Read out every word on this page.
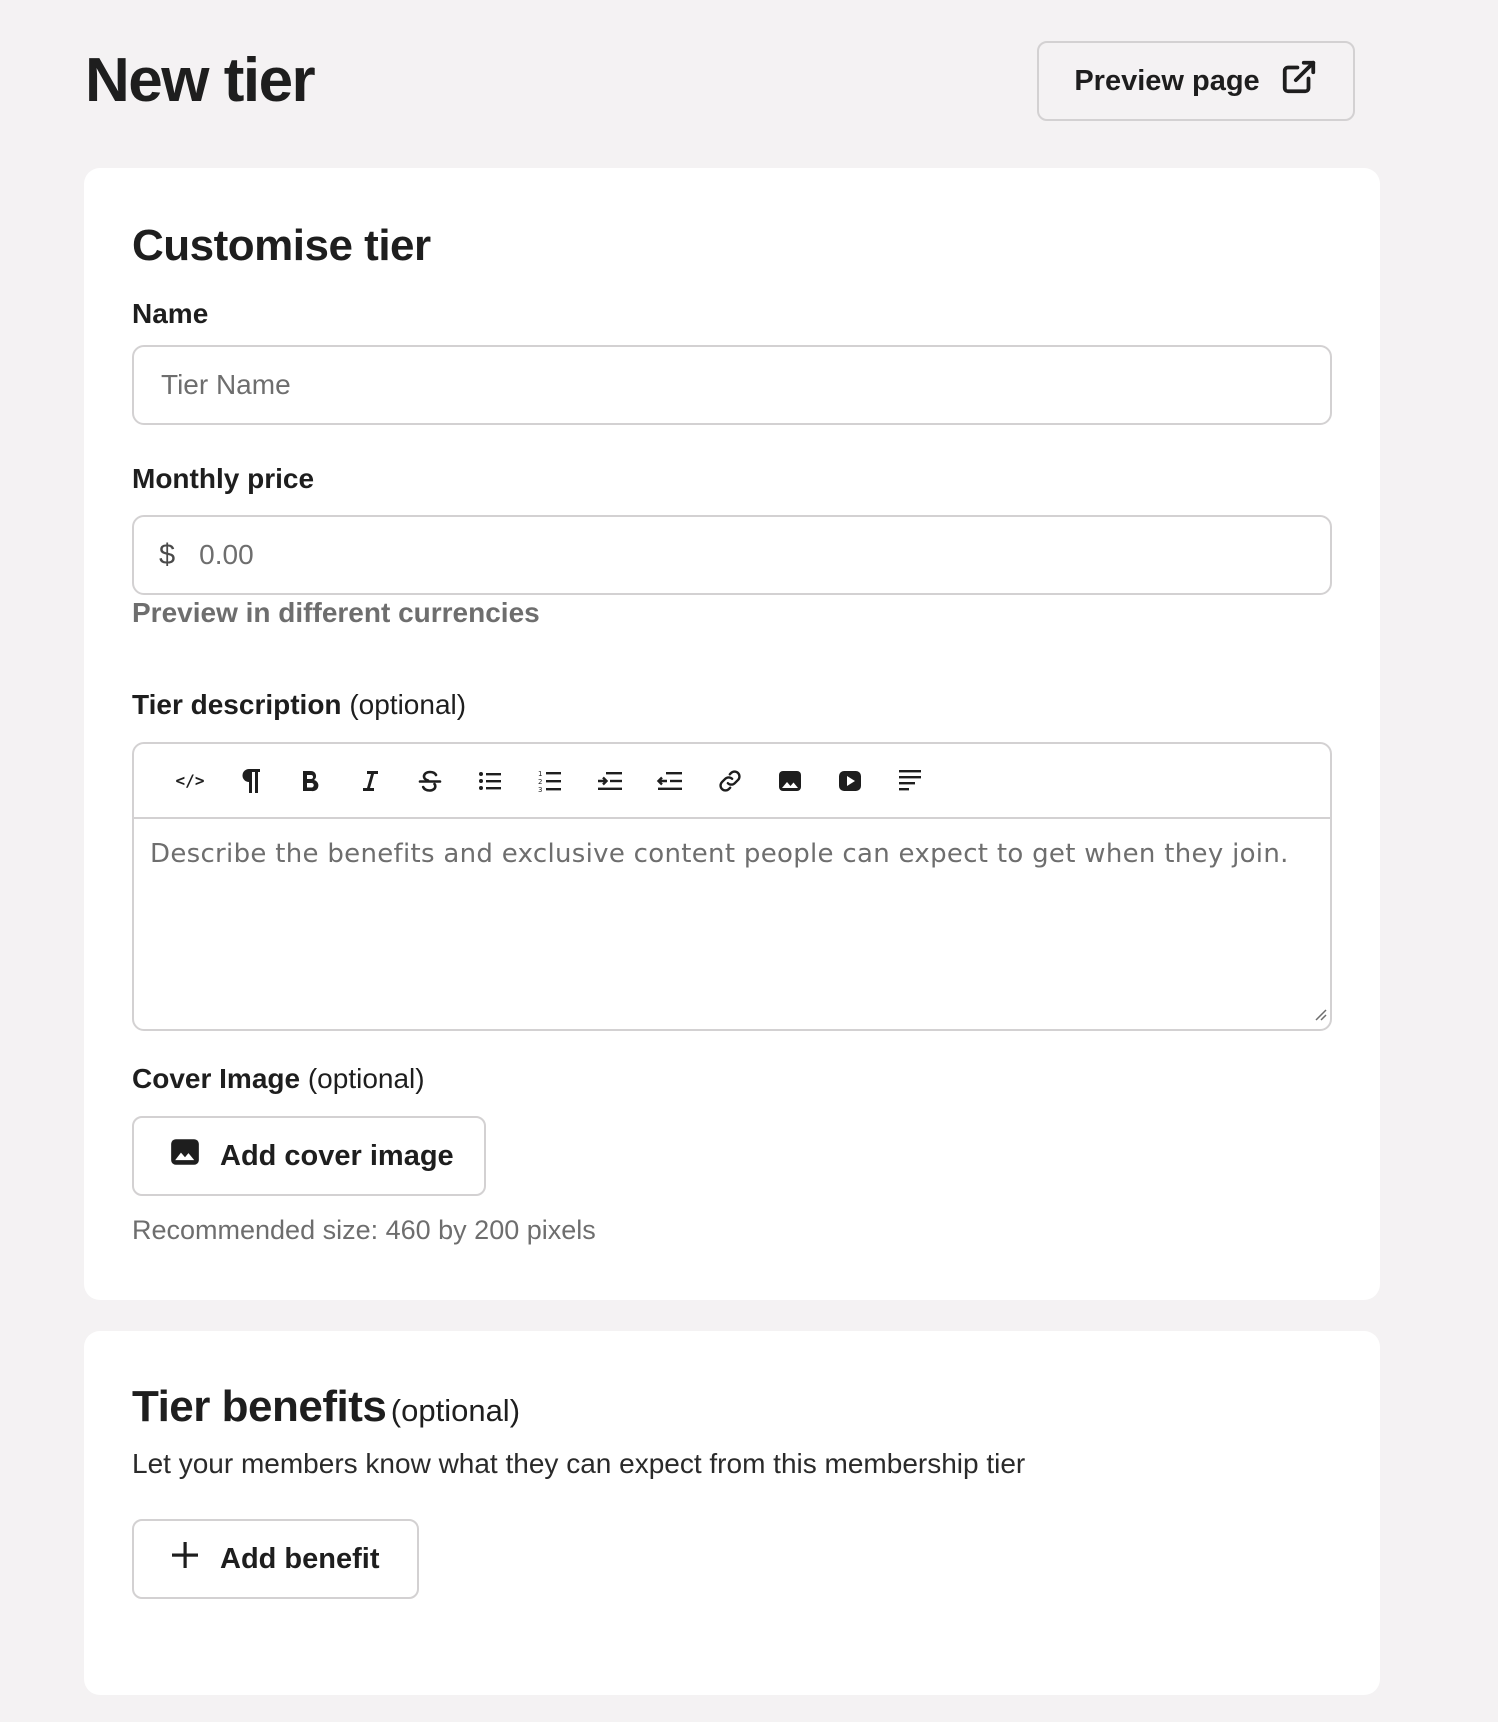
New tier	Preview page
Customise tier
Name
Tier Name
Monthly price
$
0.00
Preview in different currencies
Tier description (optional)
</>	1
2
3
Describe the benefits and exclusive content people can expect to get when they join.
Cover Image (optional)
Add cover image
Recommended size: 460 by 200 pixels
Tier benefits (optional)
Let your members know what they can expect from this membership tier
Add benefit
